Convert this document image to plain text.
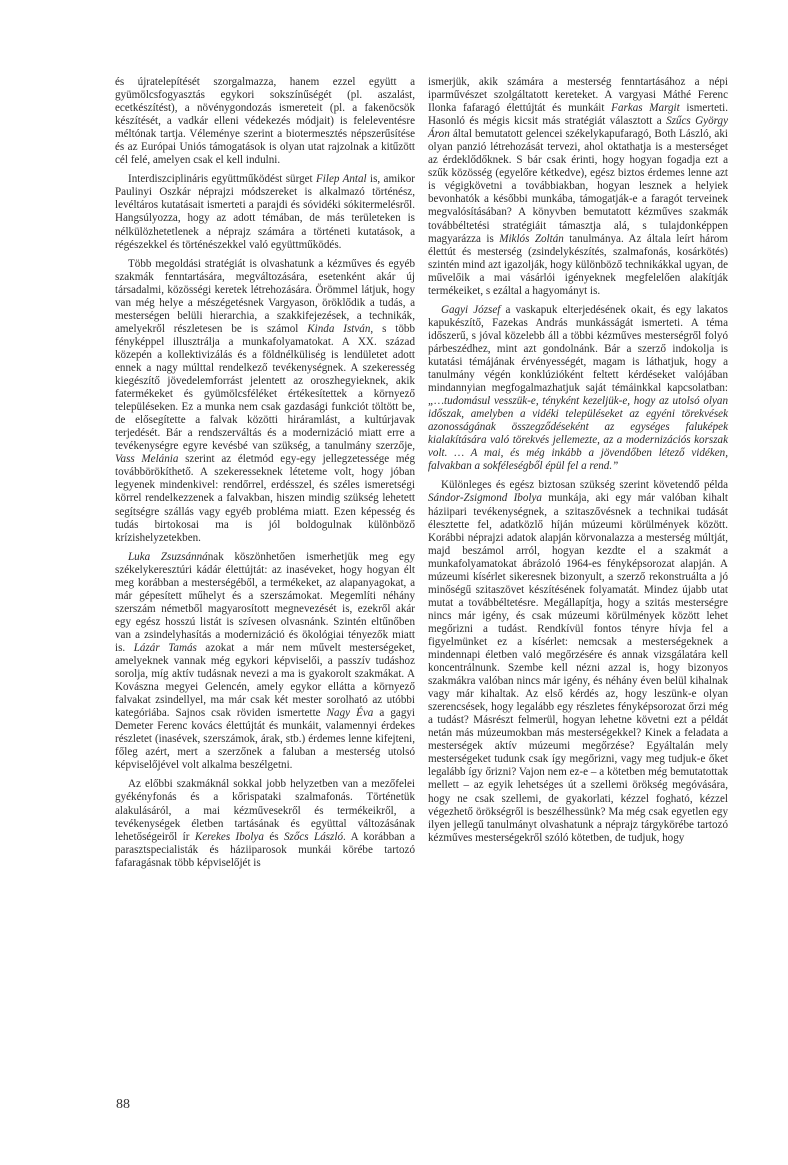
és újratelepítését szorgalmazza, hanem ezzel együtt a gyümölcsfogyasztás egykori sokszínűségét (pl. aszalást, ecetkészítést), a növénygondozás ismereteit (pl. a fakenöcsök készítését, a vadkár elleni védekezés módjait) is feleleventésre méltónak tartja. Véleménye szerint a biotermesztés népszerűsítése és az Európai Uniós támogatások is olyan utat rajzolnak a kitűzött cél felé, amelyen csak el kell indulni.

Interdiszciplináris együttműködést sürget Filep Antal is, amikor Paulinyi Oszkár néprajzi módszereket is alkalmazó történész, levéltáros kutatásait ismerteti a parajdi és sóvidéki sókitermelésről. Hangsúlyozza, hogy az adott témában, de más területeken is nélkülözhetetlenek a néprajz számára a történeti kutatások, a régészekkel és történészekkel való együttműködés.

Több megoldási stratégiát is olvashatunk a kézműves és egyéb szakmák fenntartására, megváltozására, esetenként akár új társadalmi, közösségi keretek létrehozására. Örömmel látjuk, hogy van még helye a mészégetésnek Vargyason, öröklődik a tudás, a mesterségen belüli hierarchia, a szakkifejezések, a technikák, amelyekről részletesen be is számol Kinda István, s több fényképpel illusztrálja a munkafolyamatokat. A XX. század közepén a kollektivizálás és a földnélküliség is lendületet adott ennek a nagy múlttal rendelkező tevékenységnek. A szekeresség kiegészítő jövedelemforrást jelentett az oroszhegyieknek, akik fatermékeket és gyümölcsféléket értékesítettek a környező településeken. Ez a munka nem csak gazdasági funkciót töltött be, de elősegítette a falvak közötti hiráramlást, a kultúrjavak terjedését. Bár a rendszerváltás és a modernizáció miatt erre a tevékenységre egyre kevésbé van szükség, a tanulmány szerzője, Vass Melánia szerint az életmód egy-egy jellegzetessége még továbbörökíthető. A szekeresseknek léteteme volt, hogy jóban legyenek mindenkivel: rendőrrel, erdésszel, és széles ismeretségi körrel rendelkezzenek a falvakban, hiszen mindig szükség lehetett segítségre szállás vagy egyéb probléma miatt. Ezen képesség és tudás birtokosai ma is jól boldogulnak különböző krízishelyzetekben.

Luka Zsuzsánnának köszönhetően ismerhetjük meg egy székelykeresztúri kádár élettújtát: az inaséveket, hogy hogyan élt meg korábban a mesterségéből, a termékeket, az alapanyagokat, a már gépesített műhelyt és a szerszámokat. Megemlíti néhány szerszám németből magyarosított megnevezését is, ezekről akár egy egész hosszú listát is szívesen olvasnánk. Szintén eltűnőben van a zsindelyhasítás a modernizáció és ökológiai tényezők miatt is. Lázár Tamás azokat a már nem művelt mesterségeket, amelyeknek vannak még egykori képviselői, a passzív tudáshoz sorolja, míg aktív tudásnak nevezi a ma is gyakorolt szakmákat. A Kovászna megyei Gelencén, amely egykor ellátta a környező falvakat zsindellyel, ma már csak két mester sorolható az utóbbi kategóriába. Sajnos csak röviden ismertette Nagy Éva a gagyi Demeter Ferenc kovács élettújtát és munkáit, valamennyi érdekes részletet (inasévek, szerszámok, árak, stb.) érdemes lenne kifejteni, főleg azért, mert a szerzőnek a faluban a mesterség utolsó képviselőjével volt alkalma beszélgetni.

Az előbbi szakmáknál sokkal jobb helyzetben van a mezőfelei gyékényfonás és a kőrispataki szalmafonás. Történetük alakulásáról, a mai kézművesekről és termékeikről, a tevékenységek életben tartásának és együttal változásának lehetőségeiről ír Kerekes Ibolya és Szőcs László. A korábban a parasztspecialisták és háziiparosok munkái körébe tartozó fafaragásnak több képviselőjét is

ismerjük, akik számára a mesterség fenntartásához a népi iparművészet szolgáltatott kereteket. A vargyasi Máthé Ferenc Ilonka fafaragó élettújtát és munkáit Farkas Margit ismerteti. Hasonló és mégis kicsit más stratégiát választott a Szűcs György Áron által bemutatott gelencei székelykapufaragó, Both László, aki olyan panzió létrehozását tervezi, ahol oktathatja is a mesterséget az érdeklődőknek. S bár csak érinti, hogy hogyan fogadja ezt a szűk közösség (egyelőre kétkedve), egész biztos érdemes lenne azt is végigkövetni a továbbiakban, hogyan lesznek a helyiek bevonhatók a későbbi munkába, támogatják-e a faragót terveinek megvalósításában? A könyvben bemutatott kézműves szakmák továbbéltetési stratégiáit támasztja alá, s tulajdonképpen magyarázza is Miklós Zoltán tanulmánya. Az általa leírt három élettút és mesterség (zsindelykészítés, szalmafonás, kosárkötés) szintén mind azt igazolják, hogy különböző technikákkal ugyan, de művelőik a mai vásárlói igényeknek megfelelően alakítják termékeiket, s ezáltal a hagyományt is.

Gagyi József a vaskapuk elterjedésének okait, és egy lakatos kapukészítő, Fazekas András munkásságát ismerteti. A téma időszerű, s jóval közelebb áll a többi kézműves mesterségről folyó párbeszédhez, mint azt gondolnánk. Bár a szerző indokolja is kutatási témájának érvényességét, magam is láthatjuk, hogy a tanulmány végén konklúzióként feltett kérdéseket valójában mindannyian megfogalmazhatjuk saját témáinkkal kapcsolatban: „…tudomásul vesszük-e, tényként kezeljük-e, hogy az utolsó olyan időszak, amelyben a vidéki településeket az egyéni törekvések azonosságának összegződéseként az egységes faluképek kialakítására való törekvés jellemezte, az a modernizációs korszak volt. … A mai, és még inkább a jövendőben létező vidéken, falvakban a sokféleségből épül fel a rend.”

Különleges és egész biztosan szükség szerint követendő példa Sándor-Zsigmond Ibolya munkája, aki egy már valóban kihalt háziipari tevékenységnek, a szitaszővésnek a technikai tudását élesztette fel, adatközlő híján múzeumi körülmények között. Korábbi néprajzi adatok alapján körvonalazza a mesterség múltját, majd beszámol arról, hogyan kezdte el a szakmát a munkafolyamatokat ábrázoló 1964-es fényképsorozat alapján. A múzeumi kísérlet sikeresnek bizonyult, a szerző rekonstruálta a jó minőségű szitaszövet készítésének folyamatát. Mindez újabb utat mutat a továbbéltetésre. Megállapítja, hogy a szitás mesterségre nincs már igény, és csak múzeumi körülmények között lehet megőrizni a tudást. Rendkívül fontos tényre hívja fel a figyelmünket ez a kísérlet: nemcsak a mesterségeknek a mindennapi életben való megőrzésére és annak vizsgálatára kell koncentrálnunk. Szembe kell nézni azzal is, hogy bizonyos szakmákra valóban nincs már igény, és néhány éven belül kihalnak vagy már kihaltak. Az első kérdés az, hogy leszünk-e olyan szerencsések, hogy legalább egy részletes fényképsorozat őrzi még a tudást? Másrészt felmerül, hogyan lehetne követni ezt a példát netán más múzeumokban más mesterségekkel? Kinek a feladata a mesterségek aktív múzeumi megőrzése? Egyáltalán mely mesterségeket tudunk csak így megőrizni, vagy meg tudjuk-e őket legalább így őrizni? Vajon nem ez-e – a kötetben még bemutatottak mellett – az egyik lehetséges út a szellemi örökség megóvására, hogy ne csak szellemi, de gyakorlati, kézzel fogható, kézzel végezhető örökségről is beszélhessünk? Ma még csak egyetlen egy ilyen jellegű tanulmányt olvashatunk a néprajz tárgykörébe tartozó kézműves mesterségekről szóló kötetben, de tudjuk, hogy

88
